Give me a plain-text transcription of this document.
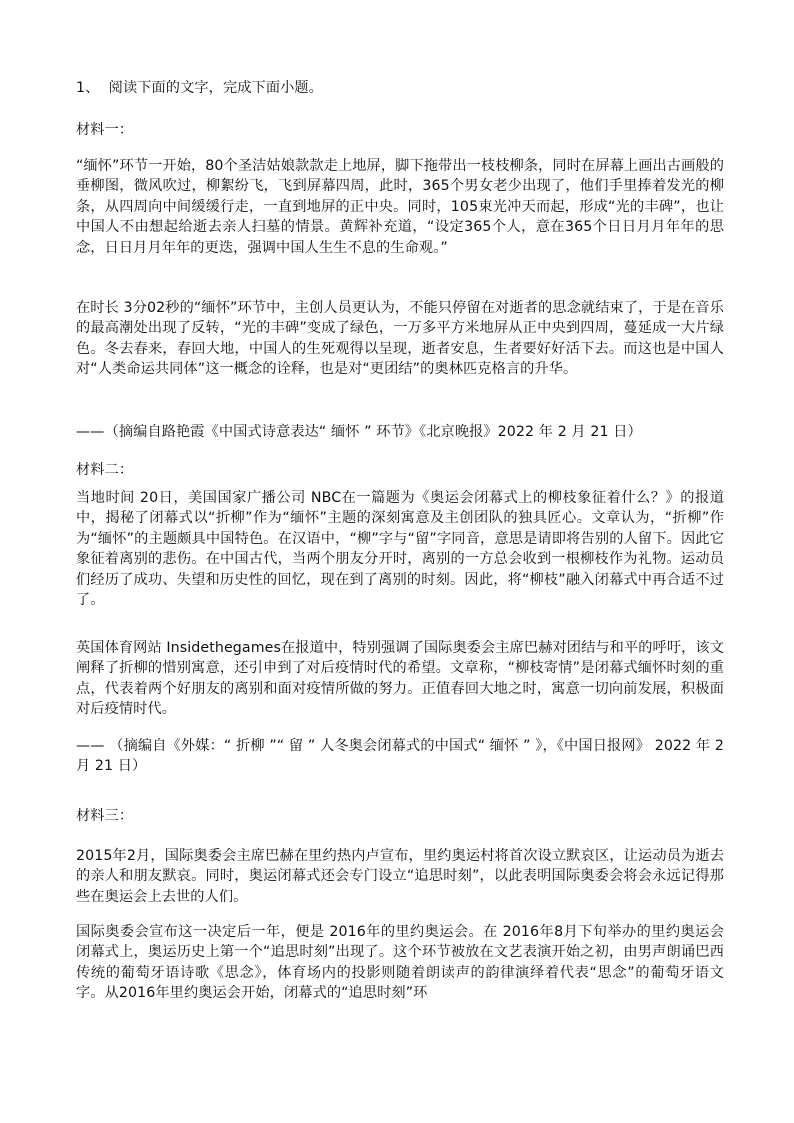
1、 阅读下面的文字，完成下面小题。

材料一：

“缅怀”环节一开始，80个圣洁姑娘款款走上地屏，脚下拖带出一枝枝柳条，同时在屏幕上画出古画般的垂柳图，微风吹过，柳絮纷飞，飞到屏幕四周，此时，365个男女老少出现了，他们手里捧着发光的柳条，从四周向中间缓缓行走，一直到地屏的正中央。同时，105束光冲天而起，形成“光的丰碑”，也让中国人不由想起给逝去亲人扫墓的情景。黄辉补充道，“设定365个人，意在365个日日月月年年的思念，日日月月年年的更迭，强调中国人生生不息的生命观。”

在时长 3分02秒的“缅怀”环节中，主创人员更认为，不能只停留在对逝者的思念就结束了，于是在音乐的最高潮处出现了反转，“光的丰碑”变成了绿色，一万多平方米地屏从正中央到四周，蔓延成一大片绿色。冬去春来，春回大地，中国人的生死观得以呈现，逝者安息，生者要好好活下去。而这也是中国人对“人类命运共同体”这一概念的诠释，也是对“更团结”的奥林匹克格言的升华。

——（摘编自路艳霞《中国式诗意表达“ 缅怀 ” 环节》《北京晚报》2022 年 2 月 21 日）

材料二：

当地时间 20日，美国国家广播公司 NBC在一篇题为《奥运会闭幕式上的柳枝象征着什么？》的报道中，揭秘了闭幕式以“折柳”作为“缅怀”主题的深刻寓意及主创团队的独具匠心。文章认为，“折柳”作为“缅怀”的主题颇具中国特色。在汉语中，“柳”字与“留”字同音，意思是请即将告别的人留下。因此它象征着离别的悲伤。在中国古代，当两个朋友分开时，离别的一方总会收到一根柳枝作为礼物。运动员们经历了成功、失望和历史性的回忆，现在到了离别的时刻。因此，将“柳枝”融入闭幕式中再合适不过了。

英国体育网站 Insidethegames在报道中，特别强调了国际奥委会主席巴赫对团结与和平的呼吁，该文阐释了折柳的惜别寓意，还引申到了对后疫情时代的希望。文章称，“柳枝寄情”是闭幕式缅怀时刻的重点，代表着两个好朋友的离别和面对疫情所做的努力。正值春回大地之时，寓意一切向前发展，积极面对后疫情时代。

—— （摘编自《外媒：“ 折柳 ”“ 留 ” 人冬奥会闭幕式的中国式“ 缅怀 ” 》，《中国日报网》 2022 年 2 月 21 日）

材料三：

2015年2月，国际奥委会主席巴赫在里约热内卢宣布，里约奥运村将首次设立默哀区，让运动员为逝去的亲人和朋友默哀。同时，奥运闭幕式还会专门设立“追思时刻”，以此表明国际奥委会将会永远记得那些在奥运会上去世的人们。

国际奥委会宣布这一决定后一年，便是 2016年的里约奥运会。在 2016年8月下旬举办的里约奥运会闭幕式上，奥运历史上第一个“追思时刻”出现了。这个环节被放在文艺表演开始之初，由男声朗诵巴西传统的葡萄牙语诗歌《思念》，体育场内的投影则随着朗读声的韵律演绎着代表“思念”的葡萄牙语文字。从2016年里约奥运会开始，闭幕式的“追思时刻”环
